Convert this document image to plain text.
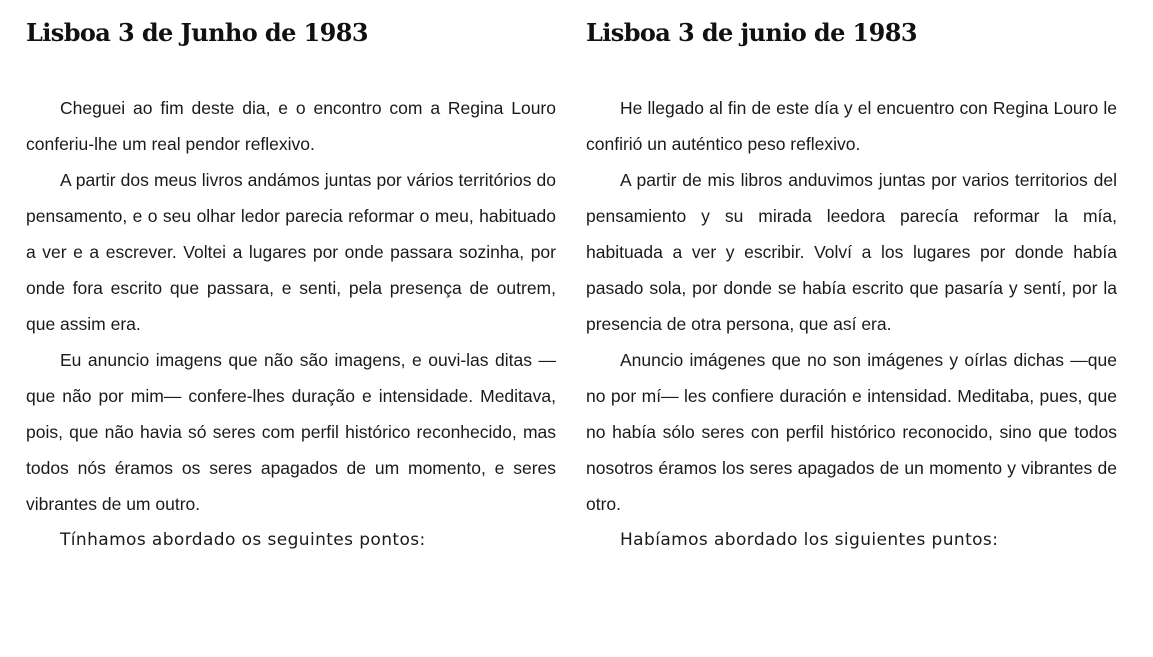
Lisboa 3 de Junho de 1983

Cheguei ao fim deste dia, e o encontro com a Regina Louro conferiu-lhe um real pendor reflexivo.

A partir dos meus livros andámos juntas por vários territórios do pensamento, e o seu olhar ledor parecia reformar o meu, habituado a ver e a escrever. Voltei a lugares por onde passara sozinha, por onde fora escrito que passara, e senti, pela presença de outrem, que assim era.

Eu anuncio imagens que não são imagens, e ouvi-las ditas —que não por mim— confere-lhes duração e intensidade. Meditava, pois, que não havia só seres com perfil histórico reconhecido, mas todos nós éramos os seres apagados de um momento, e seres vibrantes de um outro.

Tínhamos abordado os seguintes pontos:

Lisboa 3 de junio de 1983

He llegado al fin de este día y el encuentro con Regina Louro le confirió un auténtico peso reflexivo.

A partir de mis libros anduvimos juntas por varios territorios del pensamiento y su mirada leedora parecía reformar la mía, habituada a ver y escribir. Volví a los lugares por donde había pasado sola, por donde se había escrito que pasaría y sentí, por la presencia de otra persona, que así era.

Anuncio imágenes que no son imágenes y oírlas dichas —que no por mí— les confiere duración e intensidad. Meditaba, pues, que no había sólo seres con perfil histórico reconocido, sino que todos nosotros éramos los seres apagados de un momento y vibrantes de otro.

Habíamos abordado los siguientes puntos:
